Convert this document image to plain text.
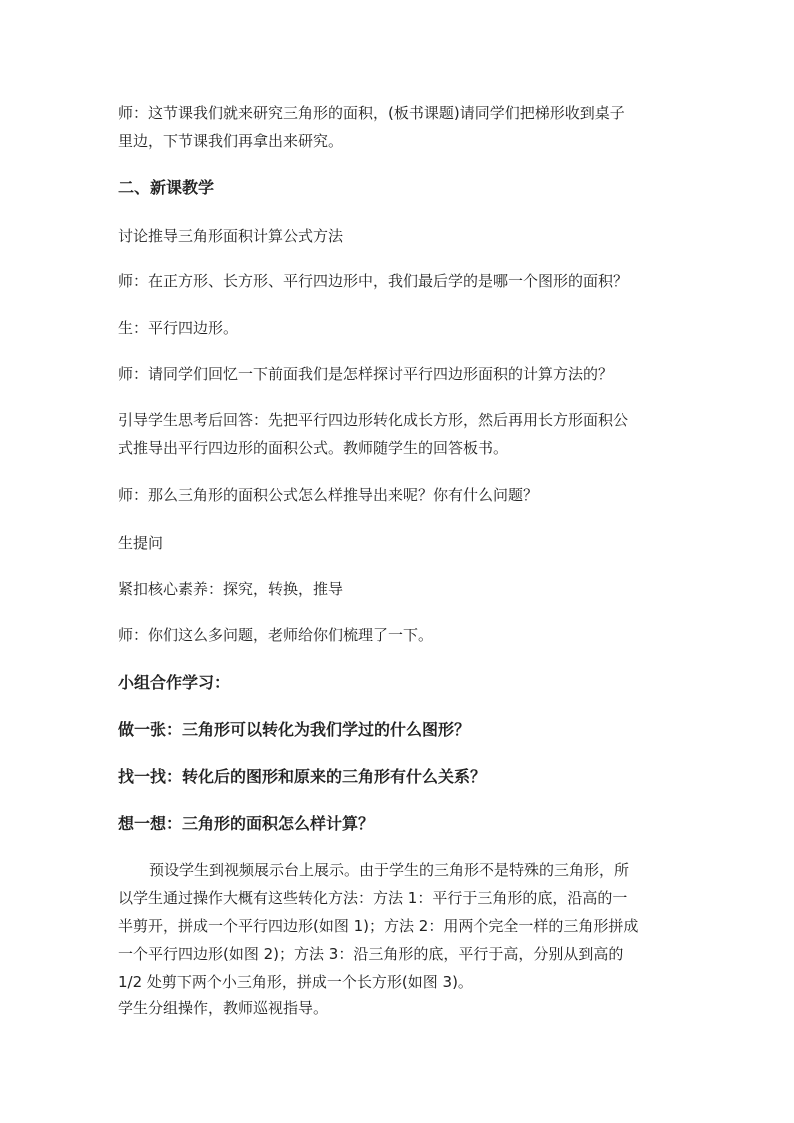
师：这节课我们就来研究三角形的面积，(板书课题)请同学们把梯形收到桌子
里边，下节课我们再拿出来研究。
二、新课教学
讨论推导三角形面积计算公式方法
师：在正方形、长方形、平行四边形中，我们最后学的是哪一个图形的面积？
生：平行四边形。
师：请同学们回忆一下前面我们是怎样探讨平行四边形面积的计算方法的？
引导学生思考后回答：先把平行四边形转化成长方形，然后再用长方形面积公
式推导出平行四边形的面积公式。教师随学生的回答板书。
师：那么三角形的面积公式怎么样推导出来呢？你有什么问题？
生提问
紧扣核心素养：探究，转换，推导
师：你们这么多问题，老师给你们梳理了一下。
小组合作学习：
做一张：三角形可以转化为我们学过的什么图形？
找一找：转化后的图形和原来的三角形有什么关系？
想一想：三角形的面积怎么样计算？
预设学生到视频展示台上展示。由于学生的三角形不是特殊的三角形，所
以学生通过操作大概有这些转化方法：方法 1：平行于三角形的底，沿高的一
半剪开，拼成一个平行四边形(如图 1)；方法 2：用两个完全一样的三角形拼成
一个平行四边形(如图 2)；方法 3：沿三角形的底，平行于高，分别从到高的
1/2 处剪下两个小三角形，拼成一个长方形(如图 3)。
学生分组操作，教师巡视指导。
